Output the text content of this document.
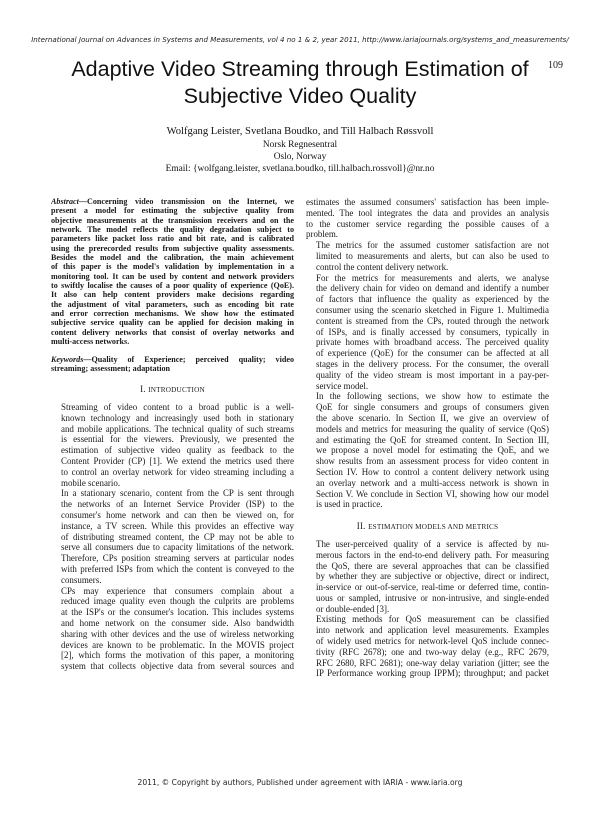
International Journal on Advances in Systems and Measurements, vol 4 no 1 & 2, year 2011, http://www.iariajournals.org/systems_and_measurements/
109
Adaptive Video Streaming through Estimation of
Subjective Video Quality
Wolfgang Leister, Svetlana Boudko, and Till Halbach Røssvoll
Norsk Regnesentral
Oslo, Norway
Email: {wolfgang.leister, svetlana.boudko, till.halbach.rossvoll}@nr.no
Abstract—Concerning video transmission on the Internet, we
present a model for estimating the subjective quality from
objective measurements at the transmission receivers and on the
network. The model reflects the quality degradation subject to
parameters like packet loss ratio and bit rate, and is calibrated
using the prerecorded results from subjective quality assessments.
Besides the model and the calibration, the main achievement
of this paper is the model's validation by implementation in a
monitoring tool. It can be used by content and network providers
to swiftly localise the causes of a poor quality of experience (QoE).
It also can help content providers make decisions regarding
the adjustment of vital parameters, such as encoding bit rate
and error correction mechanisms. We show how the estimated
subjective service quality can be applied for decision making in
content delivery networks that consist of overlay networks and
multi-access networks.
Keywords—Quality of Experience; perceived quality; video
streaming; assessment; adaptation
I. INTRODUCTION

Streaming of video content to a broad public is a well-
known technology and increasingly used both in stationary
and mobile applications. The technical quality of such streams
is essential for the viewers. Previously, we presented the
estimation of subjective video quality as feedback to the
Content Provider (CP) [1]. We extend the metrics used there
to control an overlay network for video streaming including a
mobile scenario.

In a stationary scenario, content from the CP is sent through
the networks of an Internet Service Provider (ISP) to the
consumer's home network and can then be viewed on, for
instance, a TV screen. While this provides an effective way
of distributing streamed content, the CP may not be able to
serve all consumers due to capacity limitations of the network.
Therefore, CPs position streaming servers at particular nodes
with preferred ISPs from which the content is conveyed to the
consumers.

CPs may experience that consumers complain about a
reduced image quality even though the culprits are problems
at the ISP's or the consumer's location. This includes systems
and home network on the consumer side. Also bandwidth
sharing with other devices and the use of wireless networking
devices are known to be problematic. In the MOVIS project
[2], which forms the motivation of this paper, a monitoring
system that collects objective data from several sources and

estimates the assumed consumers' satisfaction has been imple-
mented. The tool integrates the data and provides an analysis
to the customer service regarding the possible causes of a
problem.

The metrics for the assumed customer satisfaction are not
limited to measurements and alerts, but can also be used to
control the content delivery network.

For the metrics for measurements and alerts, we analyse
the delivery chain for video on demand and identify a number
of factors that influence the quality as experienced by the
consumer using the scenario sketched in Figure 1. Multimedia
content is streamed from the CPs, routed through the network
of ISPs, and is finally accessed by consumers, typically in
private homes with broadband access. The perceived quality
of experience (QoE) for the consumer can be affected at all
stages in the delivery process. For the consumer, the overall
quality of the video stream is most important in a pay-per-
service model.

In the following sections, we show how to estimate the
QoE for single consumers and groups of consumers given
the above scenario. In Section II, we give an overview of
models and metrics for measuring the quality of service (QoS)
and estimating the QoE for streamed content. In Section III,
we propose a novel model for estimating the QoE, and we
show results from an assessment process for video content in
Section IV. How to control a content delivery network using
an overlay network and a multi-access network is shown in
Section V. We conclude in Section VI, showing how our model
is used in practice.

II. ESTIMATION MODELS AND METRICS

The user-perceived quality of a service is affected by nu-
merous factors in the end-to-end delivery path. For measuring
the QoS, there are several approaches that can be classified
by whether they are subjective or objective, direct or indirect,
in-service or out-of-service, real-time or deferred time, contin-
uous or sampled, intrusive or non-intrusive, and single-ended
or double-ended [3].

Existing methods for QoS measurement can be classified
into network and application level measurements. Examples
of widely used metrics for network-level QoS include connec-
tivity (RFC 2678); one and two-way delay (e.g., RFC 2679,
RFC 2680, RFC 2681); one-way delay variation (jitter; see the
IP Performance working group IPPM); throughput; and packet

2011, © Copyright by authors, Published under agreement with IARIA - www.iaria.org
